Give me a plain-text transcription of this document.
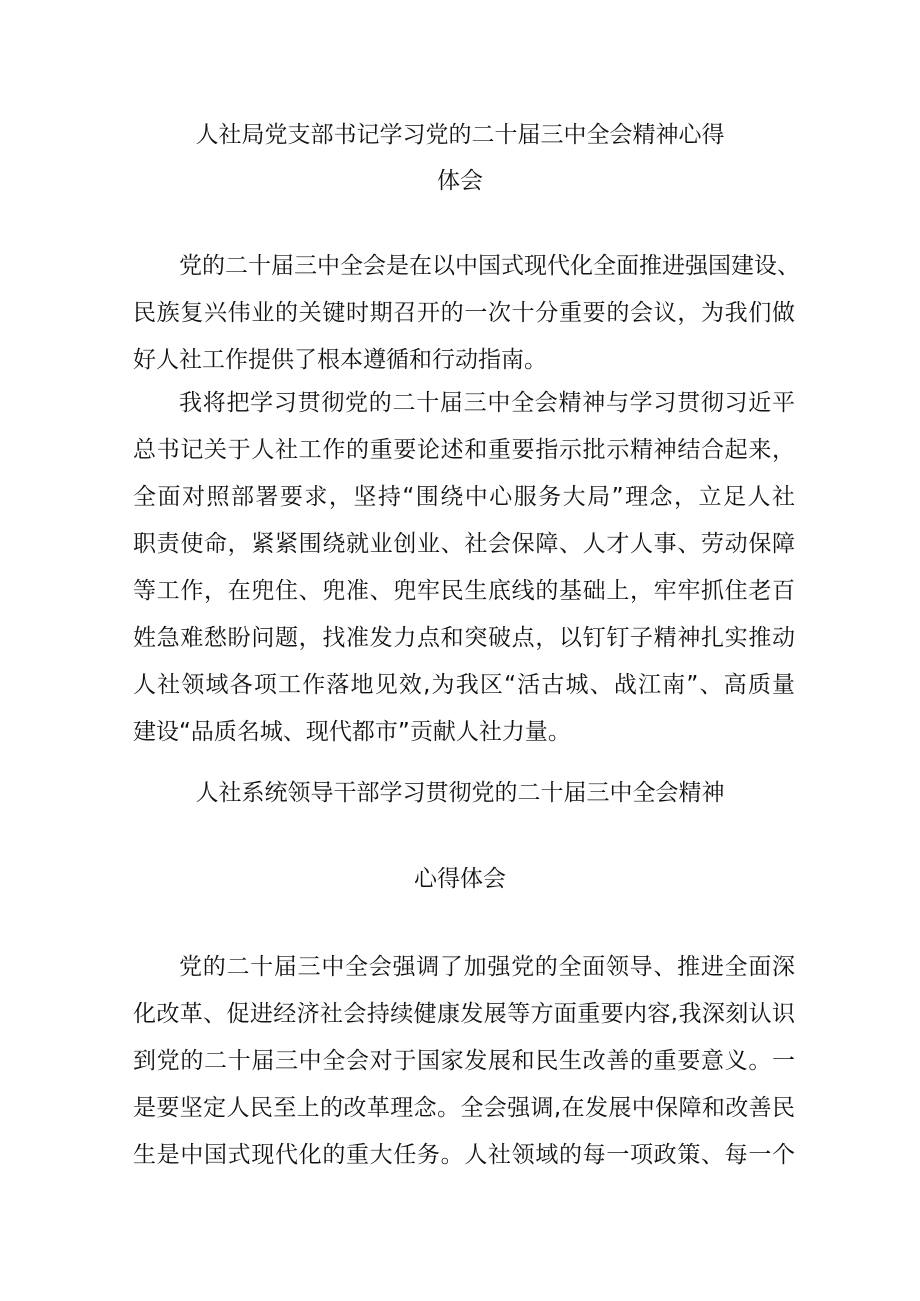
人社局党支部书记学习党的二十届三中全会精神心得
体会
党的二十届三中全会是在以中国式现代化全面推进强国建设、
民族复兴伟业的关键时期召开的一次十分重要的会议，为我们做
好人社工作提供了根本遵循和行动指南。
我将把学习贯彻党的二十届三中全会精神与学习贯彻习近平
总书记关于人社工作的重要论述和重要指示批示精神结合起来，
全面对照部署要求，坚持“围绕中心服务大局”理念，立足人社
职责使命，紧紧围绕就业创业、社会保障、人才人事、劳动保障
等工作，在兜住、兜准、兜牢民生底线的基础上，牢牢抓住老百
姓急难愁盼问题，找准发力点和突破点，以钉钉子精神扎实推动
人社领域各项工作落地见效,为我区“活古城、战江南”、高质量
建设“品质名城、现代都市”贡献人社力量。
人社系统领导干部学习贯彻党的二十届三中全会精神
心得体会
党的二十届三中全会强调了加强党的全面领导、推进全面深
化改革、促进经济社会持续健康发展等方面重要内容,我深刻认识
到党的二十届三中全会对于国家发展和民生改善的重要意义。一
是要坚定人民至上的改革理念。全会强调,在发展中保障和改善民
生是中国式现代化的重大任务。人社领域的每一项政策、每一个
